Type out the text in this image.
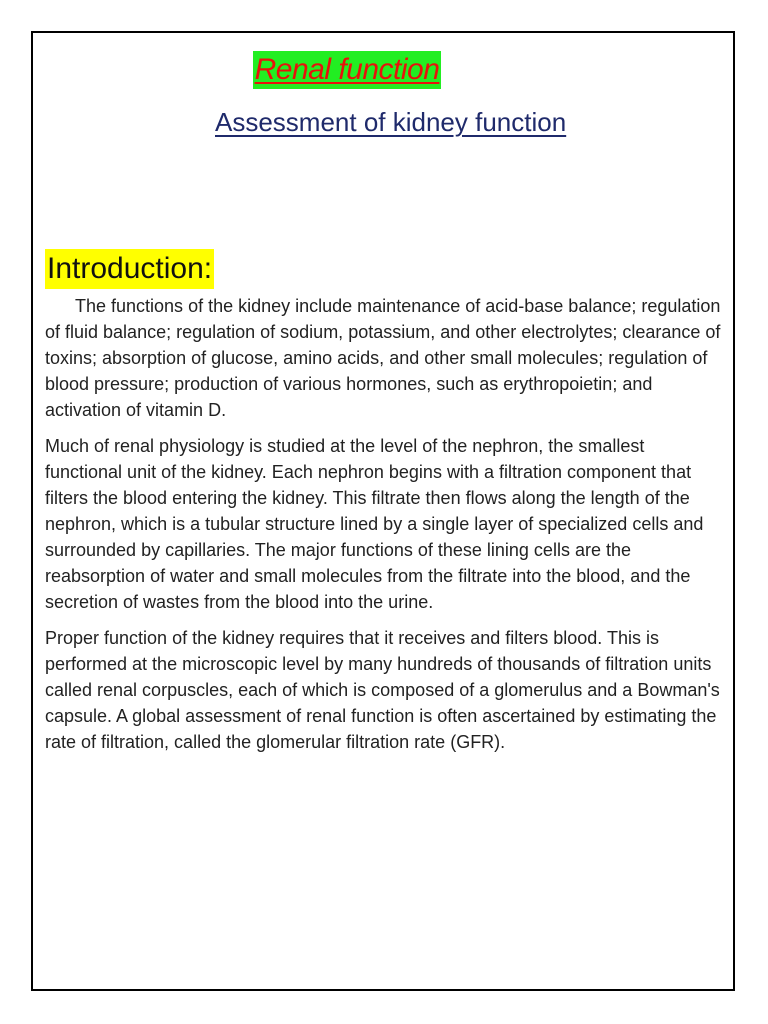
Renal function
Assessment of kidney function
Introduction:

The functions of the kidney include maintenance of acid-base balance; regulation of fluid balance; regulation of sodium, potassium, and other electrolytes; clearance of toxins; absorption of glucose, amino acids, and other small molecules; regulation of blood pressure; production of various hormones, such as erythropoietin; and activation of vitamin D.

Much of renal physiology is studied at the level of the nephron, the smallest functional unit of the kidney. Each nephron begins with a filtration component that filters the blood entering the kidney. This filtrate then flows along the length of the nephron, which is a tubular structure lined by a single layer of specialized cells and surrounded by capillaries. The major functions of these lining cells are the reabsorption of water and small molecules from the filtrate into the blood, and the secretion of wastes from the blood into the urine.

Proper function of the kidney requires that it receives and filters blood. This is performed at the microscopic level by many hundreds of thousands of filtration units called renal corpuscles, each of which is composed of a glomerulus and a Bowman's capsule. A global assessment of renal function is often ascertained by estimating the rate of filtration, called the glomerular filtration rate (GFR).
